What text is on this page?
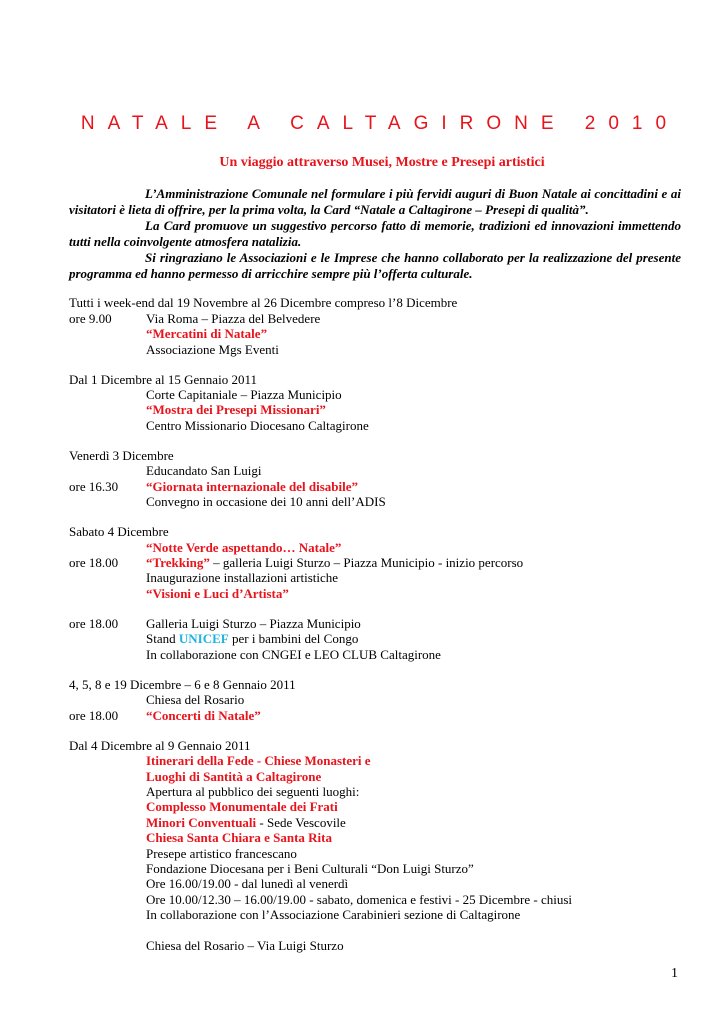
NATALE A CALTAGIRONE 2010
Un viaggio attraverso Musei, Mostre e Presepi artistici

L’Amministrazione Comunale nel formulare i più fervidi auguri di Buon Natale ai concittadini e ai visitatori è lieta di offrire, per la prima volta, la Card “Natale a Caltagirone – Presepi di qualità”.

La Card promuove un suggestivo percorso fatto di memorie, tradizioni ed innovazioni immettendo tutti nella coinvolgente atmosfera natalizia.

Si ringraziano le Associazioni e le Imprese che hanno collaborato per la realizzazione del presente programma ed hanno permesso di arricchire sempre più l’offerta culturale.

Tutti i week-end dal 19 Novembre al 26 Dicembre compreso l’8 Dicembre
ore 9.00	Via Roma – Piazza del Belvedere
“Mercatini di Natale”
Associazione Mgs Eventi
Dal 1 Dicembre al 15 Gennaio 2011
Corte Capitaniale – Piazza Municipio
“Mostra dei Presepi Missionari”
Centro Missionario Diocesano Caltagirone
Venerdì 3 Dicembre
Educandato San Luigi
ore 16.30 “Giornata internazionale del disabile”
Convegno in occasione dei 10 anni dell’ADIS
Sabato 4 Dicembre
“Notte Verde aspettando… Natale”
ore 18.00 “Trekking” – galleria Luigi Sturzo – Piazza Municipio - inizio percorso
Inaugurazione installazioni artistiche
“Visioni e Luci d’Artista”
ore 18.00 Galleria Luigi Sturzo – Piazza Municipio
Stand UNICEF per i bambini del Congo
In collaborazione con CNGEI e LEO CLUB Caltagirone
4, 5, 8 e 19 Dicembre – 6 e 8 Gennaio 2011
Chiesa del Rosario
ore 18.00 “Concerti di Natale”
Dal 4 Dicembre al 9 Gennaio 2011
Itinerari della Fede - Chiese Monasteri e
Luoghi di Santità a Caltagirone
Apertura al pubblico dei seguenti luoghi:
Complesso Monumentale dei Frati
Minori Conventuali - Sede Vescovile
Chiesa Santa Chiara e Santa Rita
Presepe artistico francescano
Fondazione Diocesana per i Beni Culturali “Don Luigi Sturzo”
Ore 16.00/19.00 - dal lunedì al venerdì
Ore 10.00/12.30 – 16.00/19.00 - sabato, domenica e festivi - 25 Dicembre - chiusi
In collaborazione con l’Associazione Carabinieri sezione di Caltagirone
Chiesa del Rosario – Via Luigi Sturzo
1
